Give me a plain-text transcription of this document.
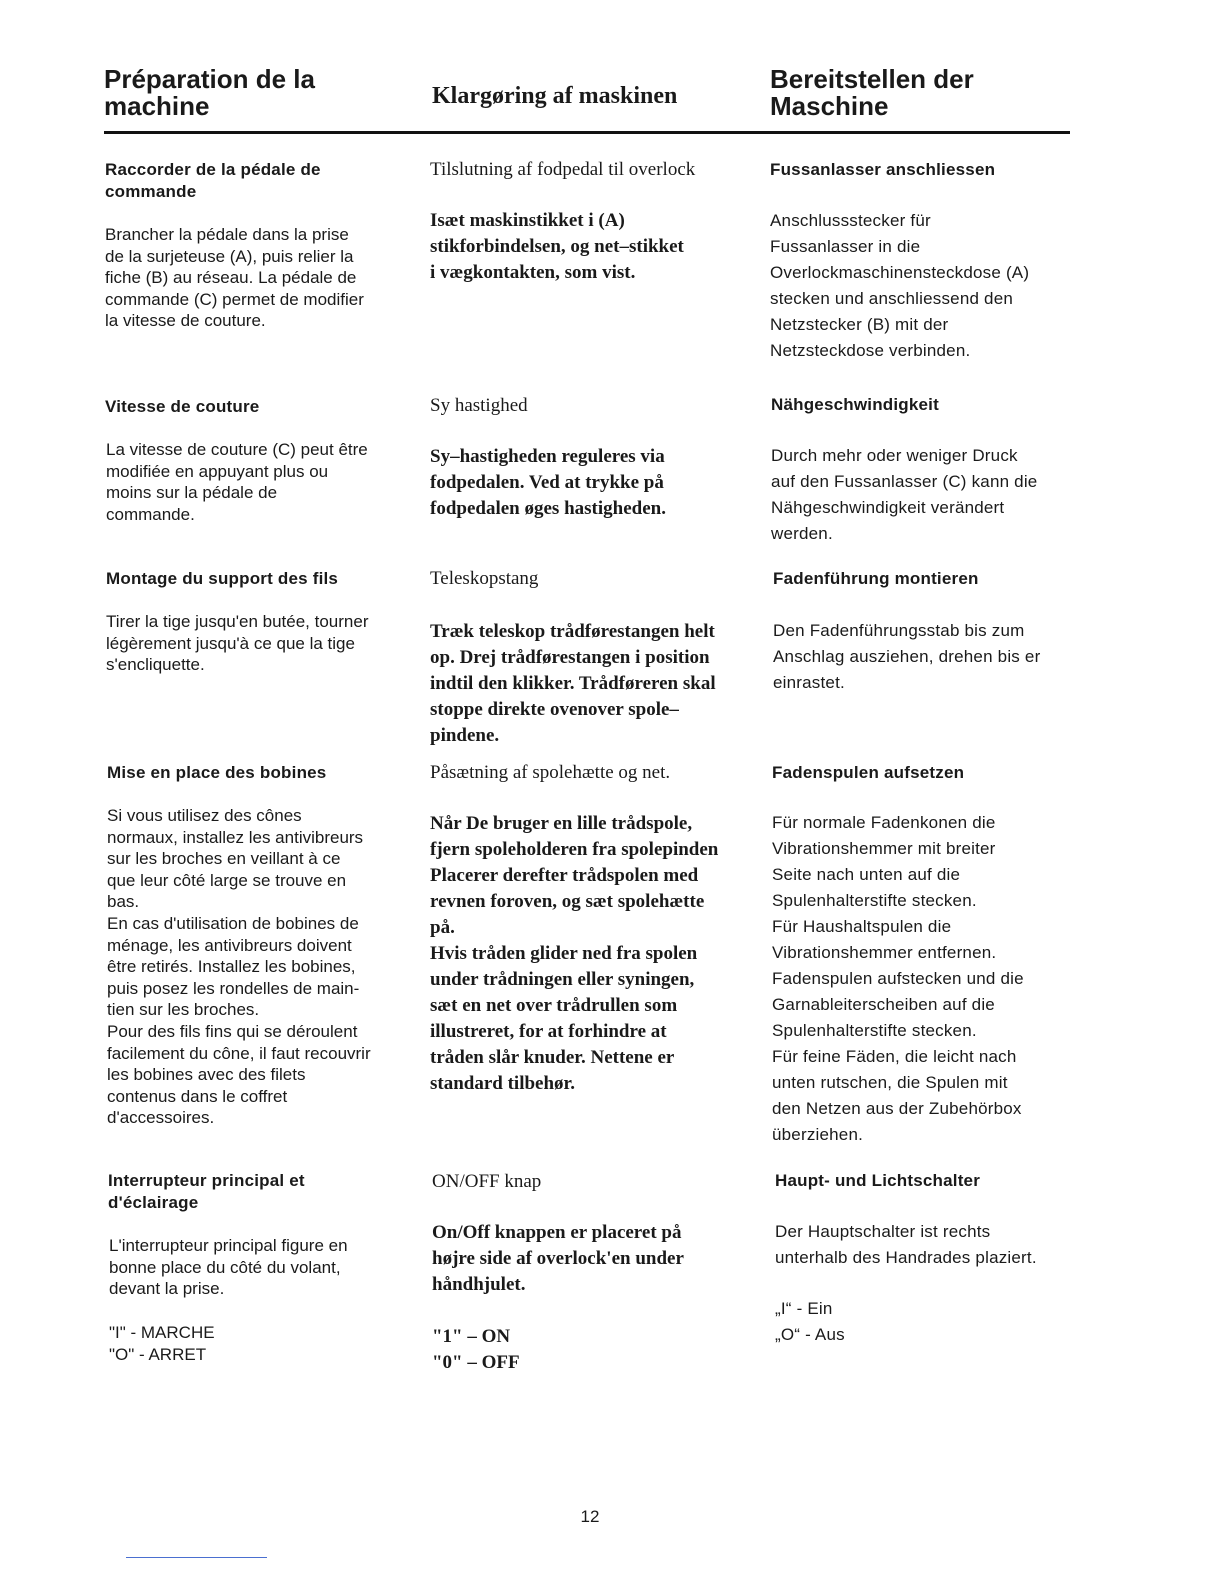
Préparation de la
machine	Klargøring af maskinen
Bereitstellen der
Maschine
Raccorder de la pédale de
commande
Brancher la pédale dans la prise
de la surjeteuse (A), puis relier la
fiche (B) au réseau. La pédale de
commande (C) permet de modifier
la vitesse de couture.
Tilslutning af fodpedal til overlock
Isæt maskinstikket i (A)
stikforbindelsen, og net–stikket
i vægkontakten, som vist.
Fussanlasser anschliessen
Anschlussstecker für
Fussanlasser in die
Overlockmaschinensteckdose (A)
stecken und anschliessend den
Netzstecker (B) mit der
Netzsteckdose verbinden.
Vitesse de couture
La vitesse de couture (C) peut être
modifiée en appuyant plus ou
moins sur la pédale de
commande.
Sy hastighed
Sy–hastigheden reguleres via
fodpedalen. Ved at trykke på
fodpedalen øges hastigheden.
Nähgeschwindigkeit
Durch mehr oder weniger Druck
auf den Fussanlasser (C) kann die
Nähgeschwindigkeit verändert
werden.
Montage du support des fils
Tirer la tige jusqu'en butée, tourner
légèrement jusqu'à ce que la tige
s'encliquette.
Teleskopstang
Træk teleskop trådførestangen helt
op. Drej trådførestangen i position
indtil den klikker. Trådføreren skal
stoppe direkte ovenover spole–
pindene.
Fadenführung montieren
Den Fadenführungsstab bis zum
Anschlag ausziehen, drehen bis er
einrastet.
Mise en place des bobines
Si vous utilisez des cônes
normaux, installez les antivibreurs
sur les broches en veillant à ce
que leur côté large se trouve en
bas.
En cas d'utilisation de bobines de
ménage, les antivibreurs doivent
être retirés. Installez les bobines,
puis posez les rondelles de main-
tien sur les broches.
Pour des fils fins qui se déroulent
facilement du cône, il faut recouvrir
les bobines avec des filets
contenus dans le coffret
d'accessoires.
Påsætning af spolehætte og net.
Når De bruger en lille trådspole,
fjern spoleholderen fra spolepinden
Placerer derefter trådspolen med
revnen foroven, og sæt spolehætte
på.
Hvis tråden glider ned fra spolen
under trådningen eller syningen,
sæt en net over trådrullen som
illustreret, for at forhindre at
tråden slår knuder. Nettene er
standard tilbehør.
Fadenspulen aufsetzen
Für normale Fadenkonen die
Vibrationshemmer mit breiter
Seite nach unten auf die
Spulenhalterstifte stecken.
Für Haushaltspulen die
Vibrationshemmer entfernen.
Fadenspulen aufstecken und die
Garnableiterscheiben auf die
Spulenhalterstifte stecken.
Für feine Fäden, die leicht nach
unten rutschen, die Spulen mit
den Netzen aus der Zubehörbox
überziehen.
Interrupteur principal et
d'éclairage
L'interrupteur principal figure en
bonne place du côté du volant,
devant la prise.
"I" - MARCHE
"O" - ARRET
ON/OFF knap
On/Off knappen er placeret på
højre side af overlock'en under
håndhjulet.
"1" – ON
"0" – OFF
Haupt- und Lichtschalter
Der Hauptschalter ist rechts
unterhalb des Handrades plaziert.
„I“ - Ein
„O“ - Aus
12
